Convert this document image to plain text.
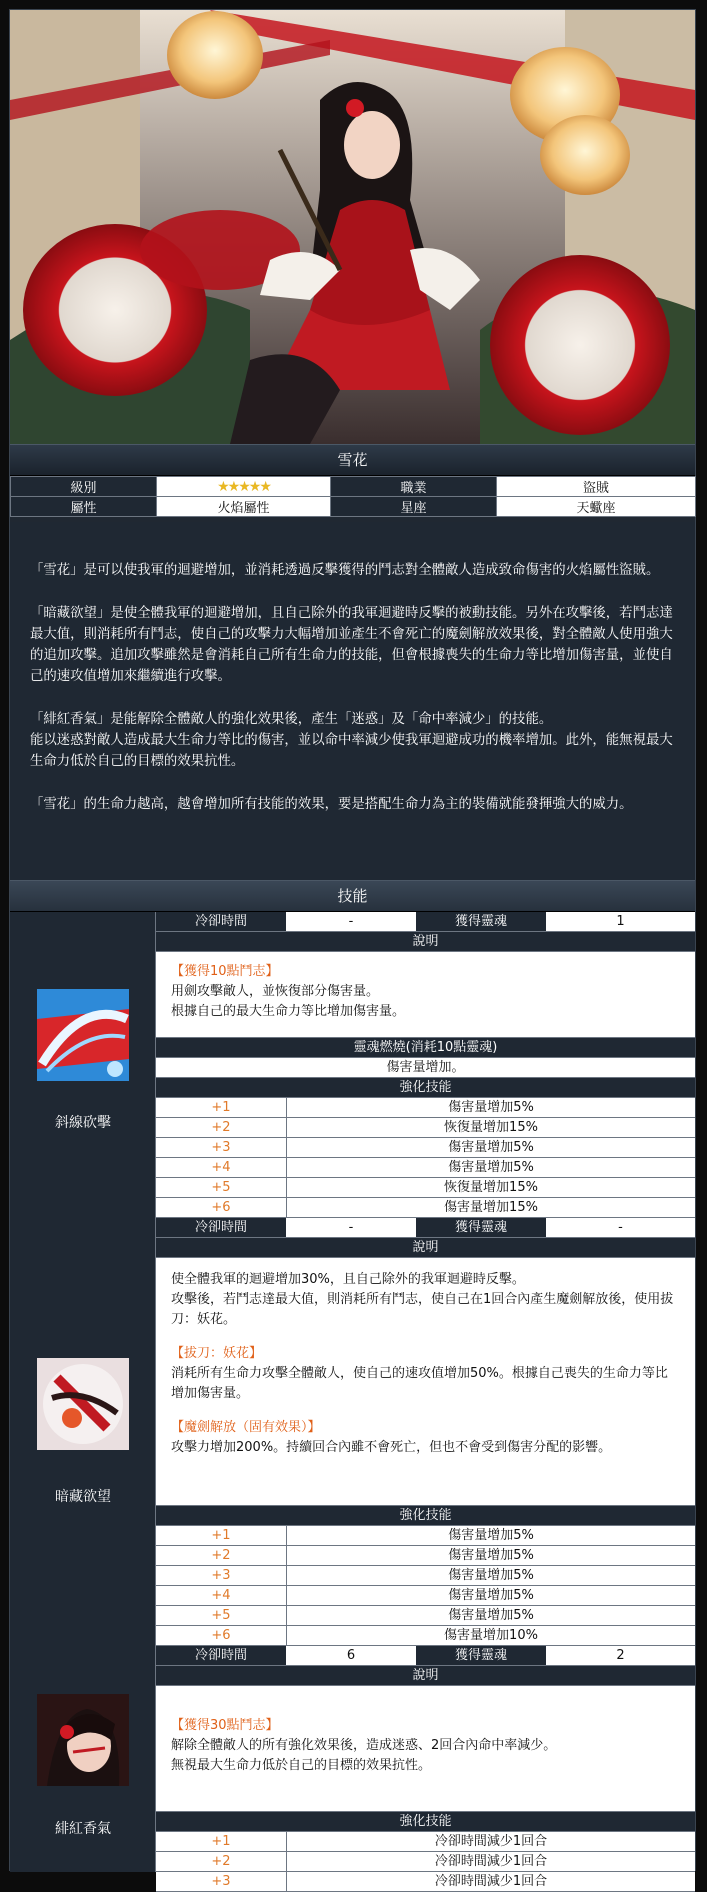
雪花
級別	★★★★★	職業	盜賊
屬性	火焰屬性	星座	天蠍座

「雪花」是可以使我軍的迴避增加，並消耗透過反擊獲得的鬥志對全體敵人造成致命傷害的火焰屬性盜賊。

「暗藏欲望」是使全體我軍的迴避增加，且自己除外的我軍迴避時反擊的被動技能。另外在攻擊後，若鬥志達最大值，則消耗所有鬥志，使自己的攻擊力大幅增加並產生不會死亡的魔劍解放效果後，對全體敵人使用強大的追加攻擊。追加攻擊雖然是會消耗自己所有生命力的技能，但會根據喪失的生命力等比增加傷害量，並使自己的速攻值增加來繼續進行攻擊。

「緋紅香氣」是能解除全體敵人的強化效果後，產生「迷惑」及「命中率減少」的技能。
能以迷惑對敵人造成最大生命力等比的傷害，並以命中率減少使我軍迴避成功的機率增加。此外，能無視最大生命力低於自己的目標的效果抗性。

「雪花」的生命力越高，越會增加所有技能的效果，要是搭配生命力為主的裝備就能發揮強大的威力。

技能
斜線砍擊
冷卻時間	-	獲得靈魂	1
說明

【獲得10點鬥志】

用劍攻擊敵人，並恢復部分傷害量。

根據自己的最大生命力等比增加傷害量。

靈魂燃燒(消耗10點靈魂)
傷害量增加。
強化技能
+1	傷害量增加5%
+2	恢復量增加15%
+3	傷害量增加5%
+4	傷害量增加5%
+5	恢復量增加15%
+6	傷害量增加15%
暗藏欲望
冷卻時間	-	獲得靈魂	-
說明

使全體我軍的迴避增加30%，且自己除外的我軍迴避時反擊。

攻擊後，若鬥志達最大值，則消耗所有鬥志，使自己在1回合內產生魔劍解放後，使用拔刀：妖花。

【拔刀：妖花】

消耗所有生命力攻擊全體敵人，使自己的速攻值增加50%。根據自己喪失的生命力等比增加傷害量。

【魔劍解放（固有效果）】

攻擊力增加200%。持續回合內雖不會死亡，但也不會受到傷害分配的影響。

強化技能
+1	傷害量增加5%
+2	傷害量增加5%
+3	傷害量增加5%
+4	傷害量增加5%
+5	傷害量增加5%
+6	傷害量增加10%
緋紅香氣
冷卻時間	6	獲得靈魂	2
說明

【獲得30點鬥志】

解除全體敵人的所有強化效果後，造成迷惑、2回合內命中率減少。

無視最大生命力低於自己的目標的效果抗性。

強化技能
+1	冷卻時間減少1回合
+2	冷卻時間減少1回合
+3	冷卻時間減少1回合
